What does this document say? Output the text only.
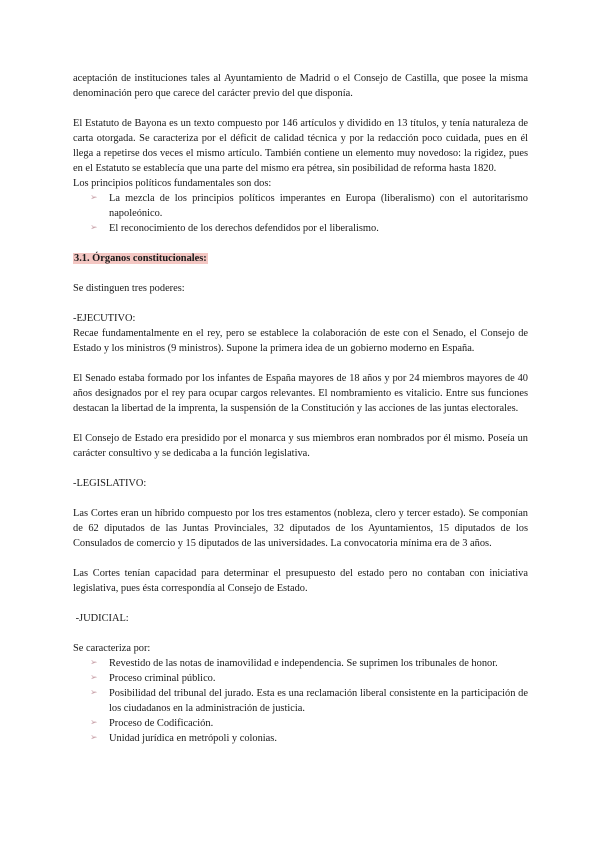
aceptación de instituciones tales al Ayuntamiento de Madrid o el Consejo de Castilla, que posee la misma denominación pero que carece del carácter previo del que disponía.

El Estatuto de Bayona es un texto compuesto por 146 artículos y dividido en 13 títulos, y tenía naturaleza de carta otorgada. Se caracteriza por el déficit de calidad técnica y por la redacción poco cuidada, pues en él llega a repetirse dos veces el mismo artículo. También contiene un elemento muy novedoso: la rigidez, pues en el Estatuto se establecía que una parte del mismo era pétrea, sin posibilidad de reforma hasta 1820.

Los principios políticos fundamentales son dos:

➢	La mezcla de los principios políticos imperantes en Europa (liberalismo) con el autoritarismo napoleónico.
➢	El reconocimiento de los derechos defendidos por el liberalismo.

3.1. Órganos constitucionales:

Se distinguen tres poderes:

-EJECUTIVO:

Recae fundamentalmente en el rey, pero se establece la colaboración de este con el Senado, el Consejo de Estado y los ministros (9 ministros). Supone la primera idea de un gobierno moderno en España.

El Senado estaba formado por los infantes de España mayores de 18 años y por 24 miembros mayores de 40 años designados por el rey para ocupar cargos relevantes. El nombramiento es vitalicio. Entre sus funciones destacan la libertad de la imprenta, la suspensión de la Constitución y las acciones de las juntas electorales.

El Consejo de Estado era presidido por el monarca y sus miembros eran nombrados por él mismo. Poseía un carácter consultivo y se dedicaba a la función legislativa.

-LEGISLATIVO:

Las Cortes eran un híbrido compuesto por los tres estamentos (nobleza, clero y tercer estado). Se componían de 62 diputados de las Juntas Provinciales, 32 diputados de los Ayuntamientos, 15 diputados de los Consulados de comercio y 15 diputados de las universidades. La convocatoria mínima era de 3 años.

Las Cortes tenían capacidad para determinar el presupuesto del estado pero no contaban con iniciativa legislativa, pues ésta correspondía al Consejo de Estado.

-JUDICIAL:

Se caracteriza por:

➢	Revestido de las notas de inamovilidad e independencia. Se suprimen los tribunales de honor.
➢	Proceso criminal público.
➢	Posibilidad del tribunal del jurado. Esta es una reclamación liberal consistente en la participación de los ciudadanos en la administración de justicia.
➢	Proceso de Codificación.
➢	Unidad jurídica en metrópoli y colonias.
